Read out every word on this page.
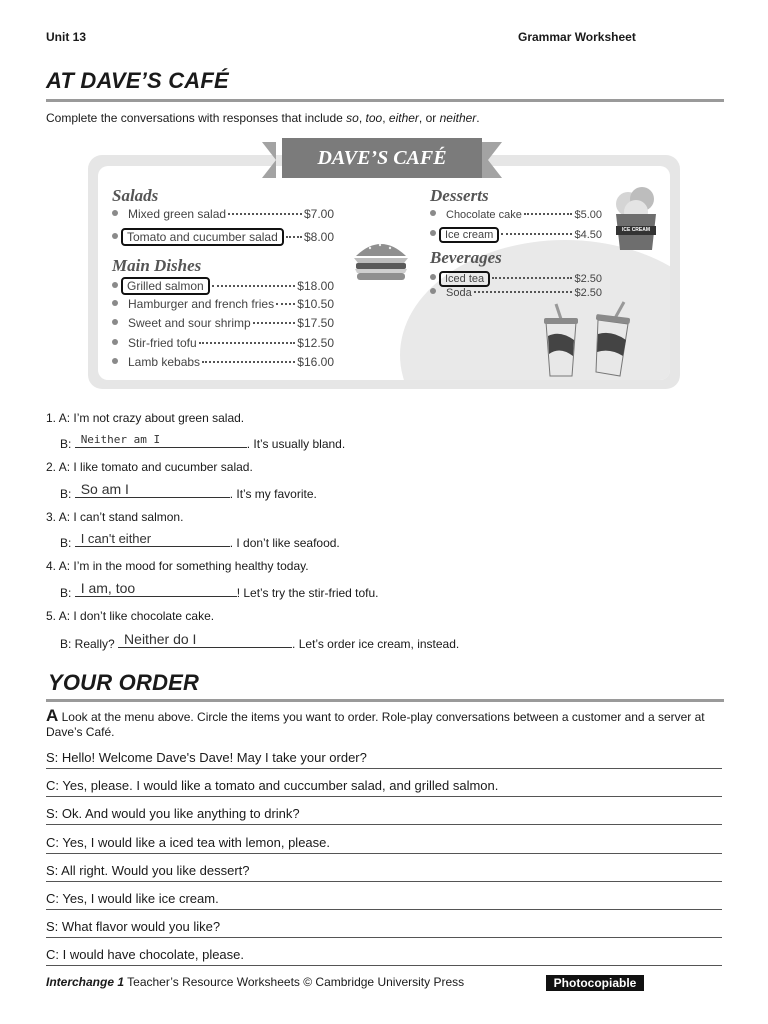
Unit 13	Grammar Worksheet
AT DAVE’S CAFÉ
Complete the conversations with responses that include so, too, either, or neither.
DAVE’S CAFÉ
Salads
Mixed green salad	$7.00
Tomato and cucumber salad	$8.00
Main Dishes
Grilled salmon	$18.00
Hamburger and french fries $10.50
Sweet and sour shrimp	$17.50
Stir-fried tofu	$12.50
Lamb kebabs	$16.00
Desserts
Chocolate cake	$5.00
Ice cream	$4.50
Beverages
Iced tea	$2.50
Soda	$2.50
ICE CREAM
1. A: I’m not crazy about green salad.
B: Neither am I	. It’s usually bland.
2. A: I like tomato and cucumber salad.
B: So am I	. It’s my favorite.
3. A: I can’t stand salmon.
B: I can't either	. I don’t like seafood.
4. A: I’m in the mood for something healthy today.
B: I am, too	! Let’s try the stir-fried tofu.
5. A: I don’t like chocolate cake.
B: Really? Neither do I	. Let’s order ice cream, instead.
YOUR ORDER
A Look at the menu above. Circle the items you want to order. Role-play conversations between a customer and a server at Dave’s Café.
S: Hello! Welcome Dave's Dave! May I take your order?
C: Yes, please. I would like a tomato and cuccumber salad, and grilled salmon.
S: Ok. And would you like anything to drink?
C: Yes, I would like a iced tea with lemon, please.
S: All right. Would you like dessert?
C: Yes, I would like ice cream.
S: What flavor would you like?
C: I would have chocolate, please.
Interchange 1 Teacher’s Resource Worksheets © Cambridge University Press	Photocopiable
